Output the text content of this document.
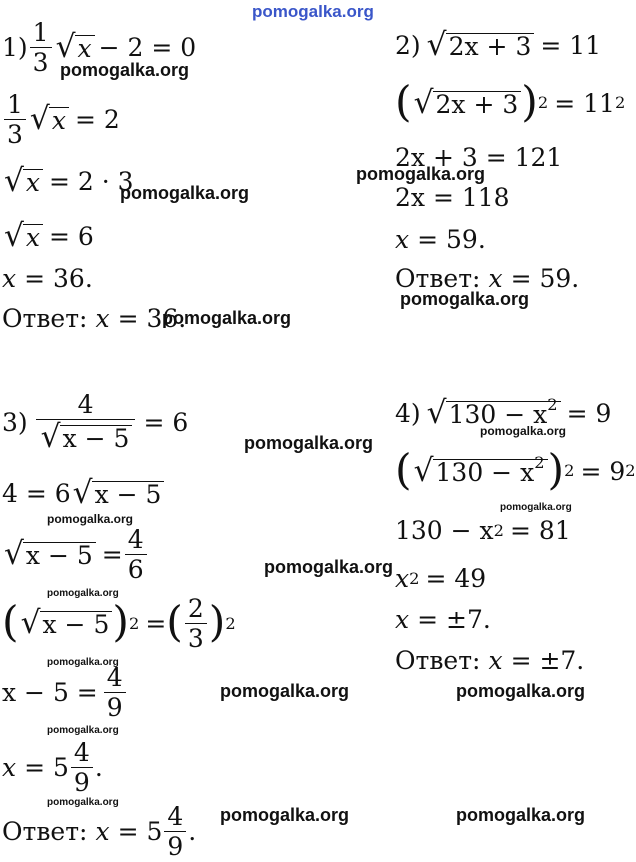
pomogalka.org
pomogalka.org
pomogalka.org
pomogalka.org
pomogalka.org
pomogalka.org
pomogalka.org
pomogalka.org
pomogalka.org
pomogalka.org
pomogalka.org
pomogalka.org
pomogalka.org
pomogalka.org	pomogalka.org
pomogalka.org
pomogalka.org
pomogalka.org	pomogalka.org
$1) \frac{1}{3}$ √ x − 2 = 0
$\frac{1}{3}$ √ x = 2
√ x = 2 · 3
√ x = 6
x = 36.
Ответ: x = 36.
2) √ 2x + 3 = 11
( √ 2x + 3 ) 2 = 11 2
2x + 3 = 121
2x = 118
x = 59.
Ответ: x = 59.
$3) \frac{4}{√ x - 5} = 6$
4 = 6 √ x − 5
√ $x - 5 = \frac{4}{6}$
( √ x − 5 ) 2 = ( $\frac{2}{3}$ ) 2
$x - 5 = \frac{4}{9}$
$x = 5 \frac{4}{9}$ .
Ответ: $x = 5 \frac{4}{9}$ .
4) √ $130 - x^2 = 9$
( √ $130 - x^2$ ) 2 = 9 2
130 − x 2 = 81
x 2 = 49
x = ±7.
Ответ: x = ±7.
